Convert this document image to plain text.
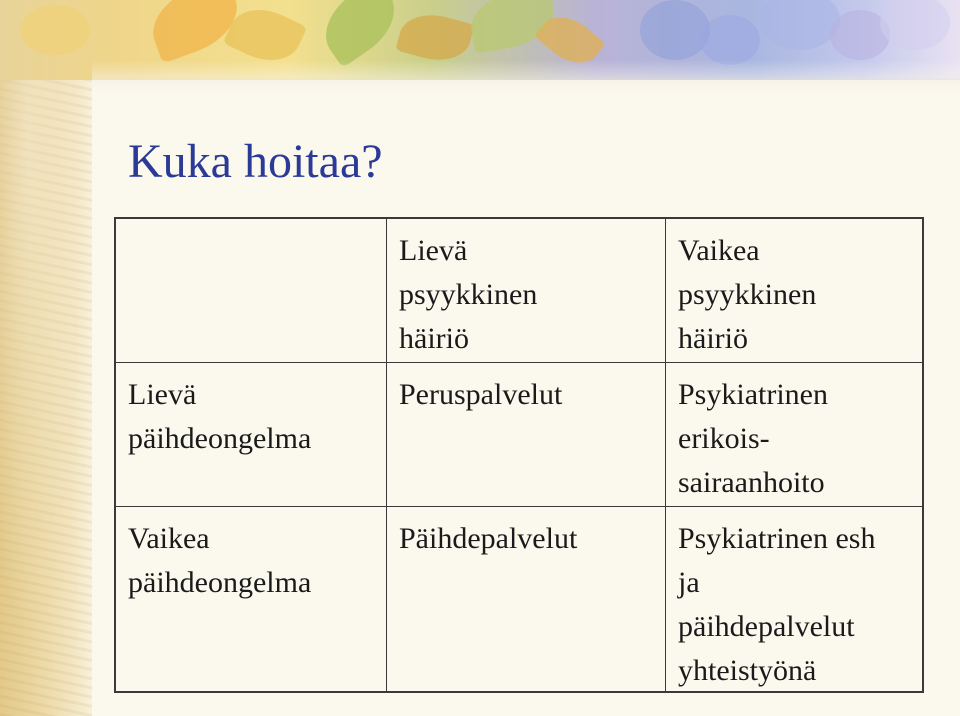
Kuka hoitaa?
Lievä
psyykkinen
häiriö
Vaikea
psyykkinen
häiriö
Lievä
päihdeongelma
Peruspalvelut	Psykiatrinen
erikois-
sairaanhoito
Vaikea
päihdeongelma
Päihdepalvelut	Psykiatrinen esh
ja
päihdepalvelut
yhteistyönä
